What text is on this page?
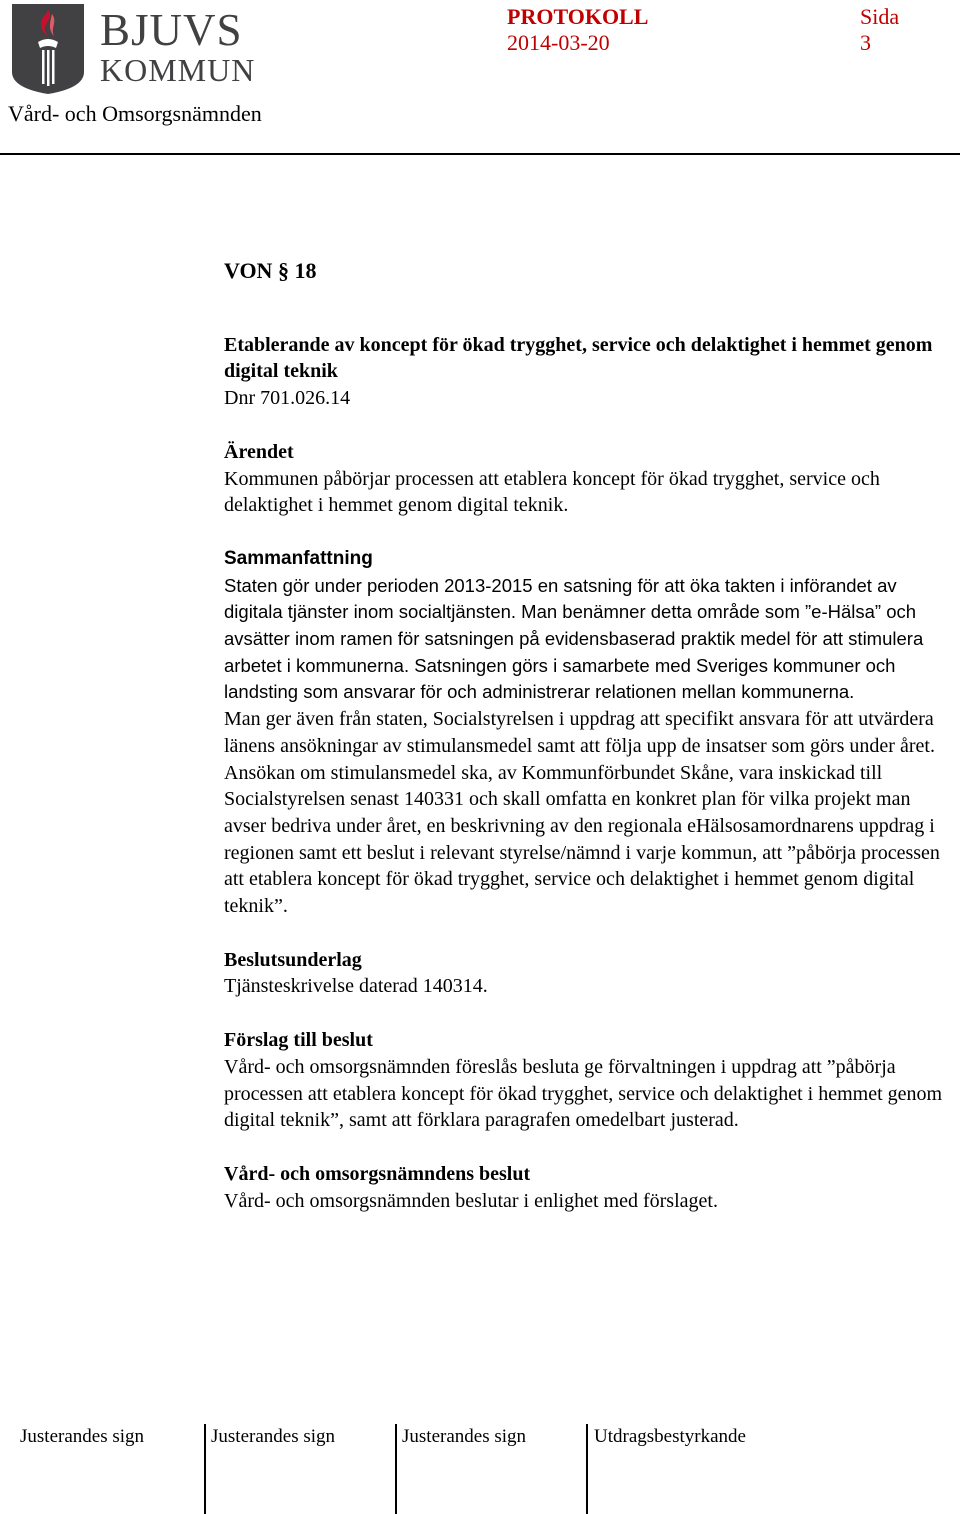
BJUVS
KOMMUN
PROTOKOLL
2014-03-20
Sida
3
Vård- och Omsorgsnämnden

VON § 18

Etablerande av koncept för ökad trygghet, service och delaktighet i hemmet genom digital teknik

Dnr 701.026.14

Ärendet

Kommunen påbörjar processen att etablera koncept för ökad trygghet, service och delaktighet i hemmet genom digital teknik.

Sammanfattning

Staten gör under perioden 2013-2015 en satsning för att öka takten i införandet av digitala tjänster inom socialtjänsten. Man benämner detta område som ”e-Hälsa” och avsätter inom ramen för satsningen på evidensbaserad praktik medel för att stimulera arbetet i kommunerna. Satsningen görs i samarbete med Sveriges kommuner och landsting som ansvarar för och administrerar relationen mellan kommunerna.

Man ger även från staten, Socialstyrelsen i uppdrag att specifikt ansvara för att utvärdera länens ansökningar av stimulansmedel samt att följa upp de insatser som görs under året.

Ansökan om stimulansmedel ska, av Kommunförbundet Skåne, vara inskickad till Socialstyrelsen senast 140331 och skall omfatta en konkret plan för vilka projekt man avser bedriva under året, en beskrivning av den regionala eHälsosamordnarens uppdrag i regionen samt ett beslut i relevant styrelse/nämnd i varje kommun, att ”påbörja processen att etablera koncept för ökad trygghet, service och delaktighet i hemmet genom digital teknik”.

Beslutsunderlag

Tjänsteskrivelse daterad 140314.

Förslag till beslut

Vård- och omsorgsnämnden föreslås besluta ge förvaltningen i uppdrag att ”påbörja processen att etablera koncept för ökad trygghet, service och delaktighet i hemmet genom digital teknik”, samt att förklara paragrafen omedelbart justerad.

Vård- och omsorgsnämndens beslut

Vård- och omsorgsnämnden beslutar i enlighet med förslaget.

Justerandes sign	Justerandes sign	Justerandes sign	Utdragsbestyrkande
